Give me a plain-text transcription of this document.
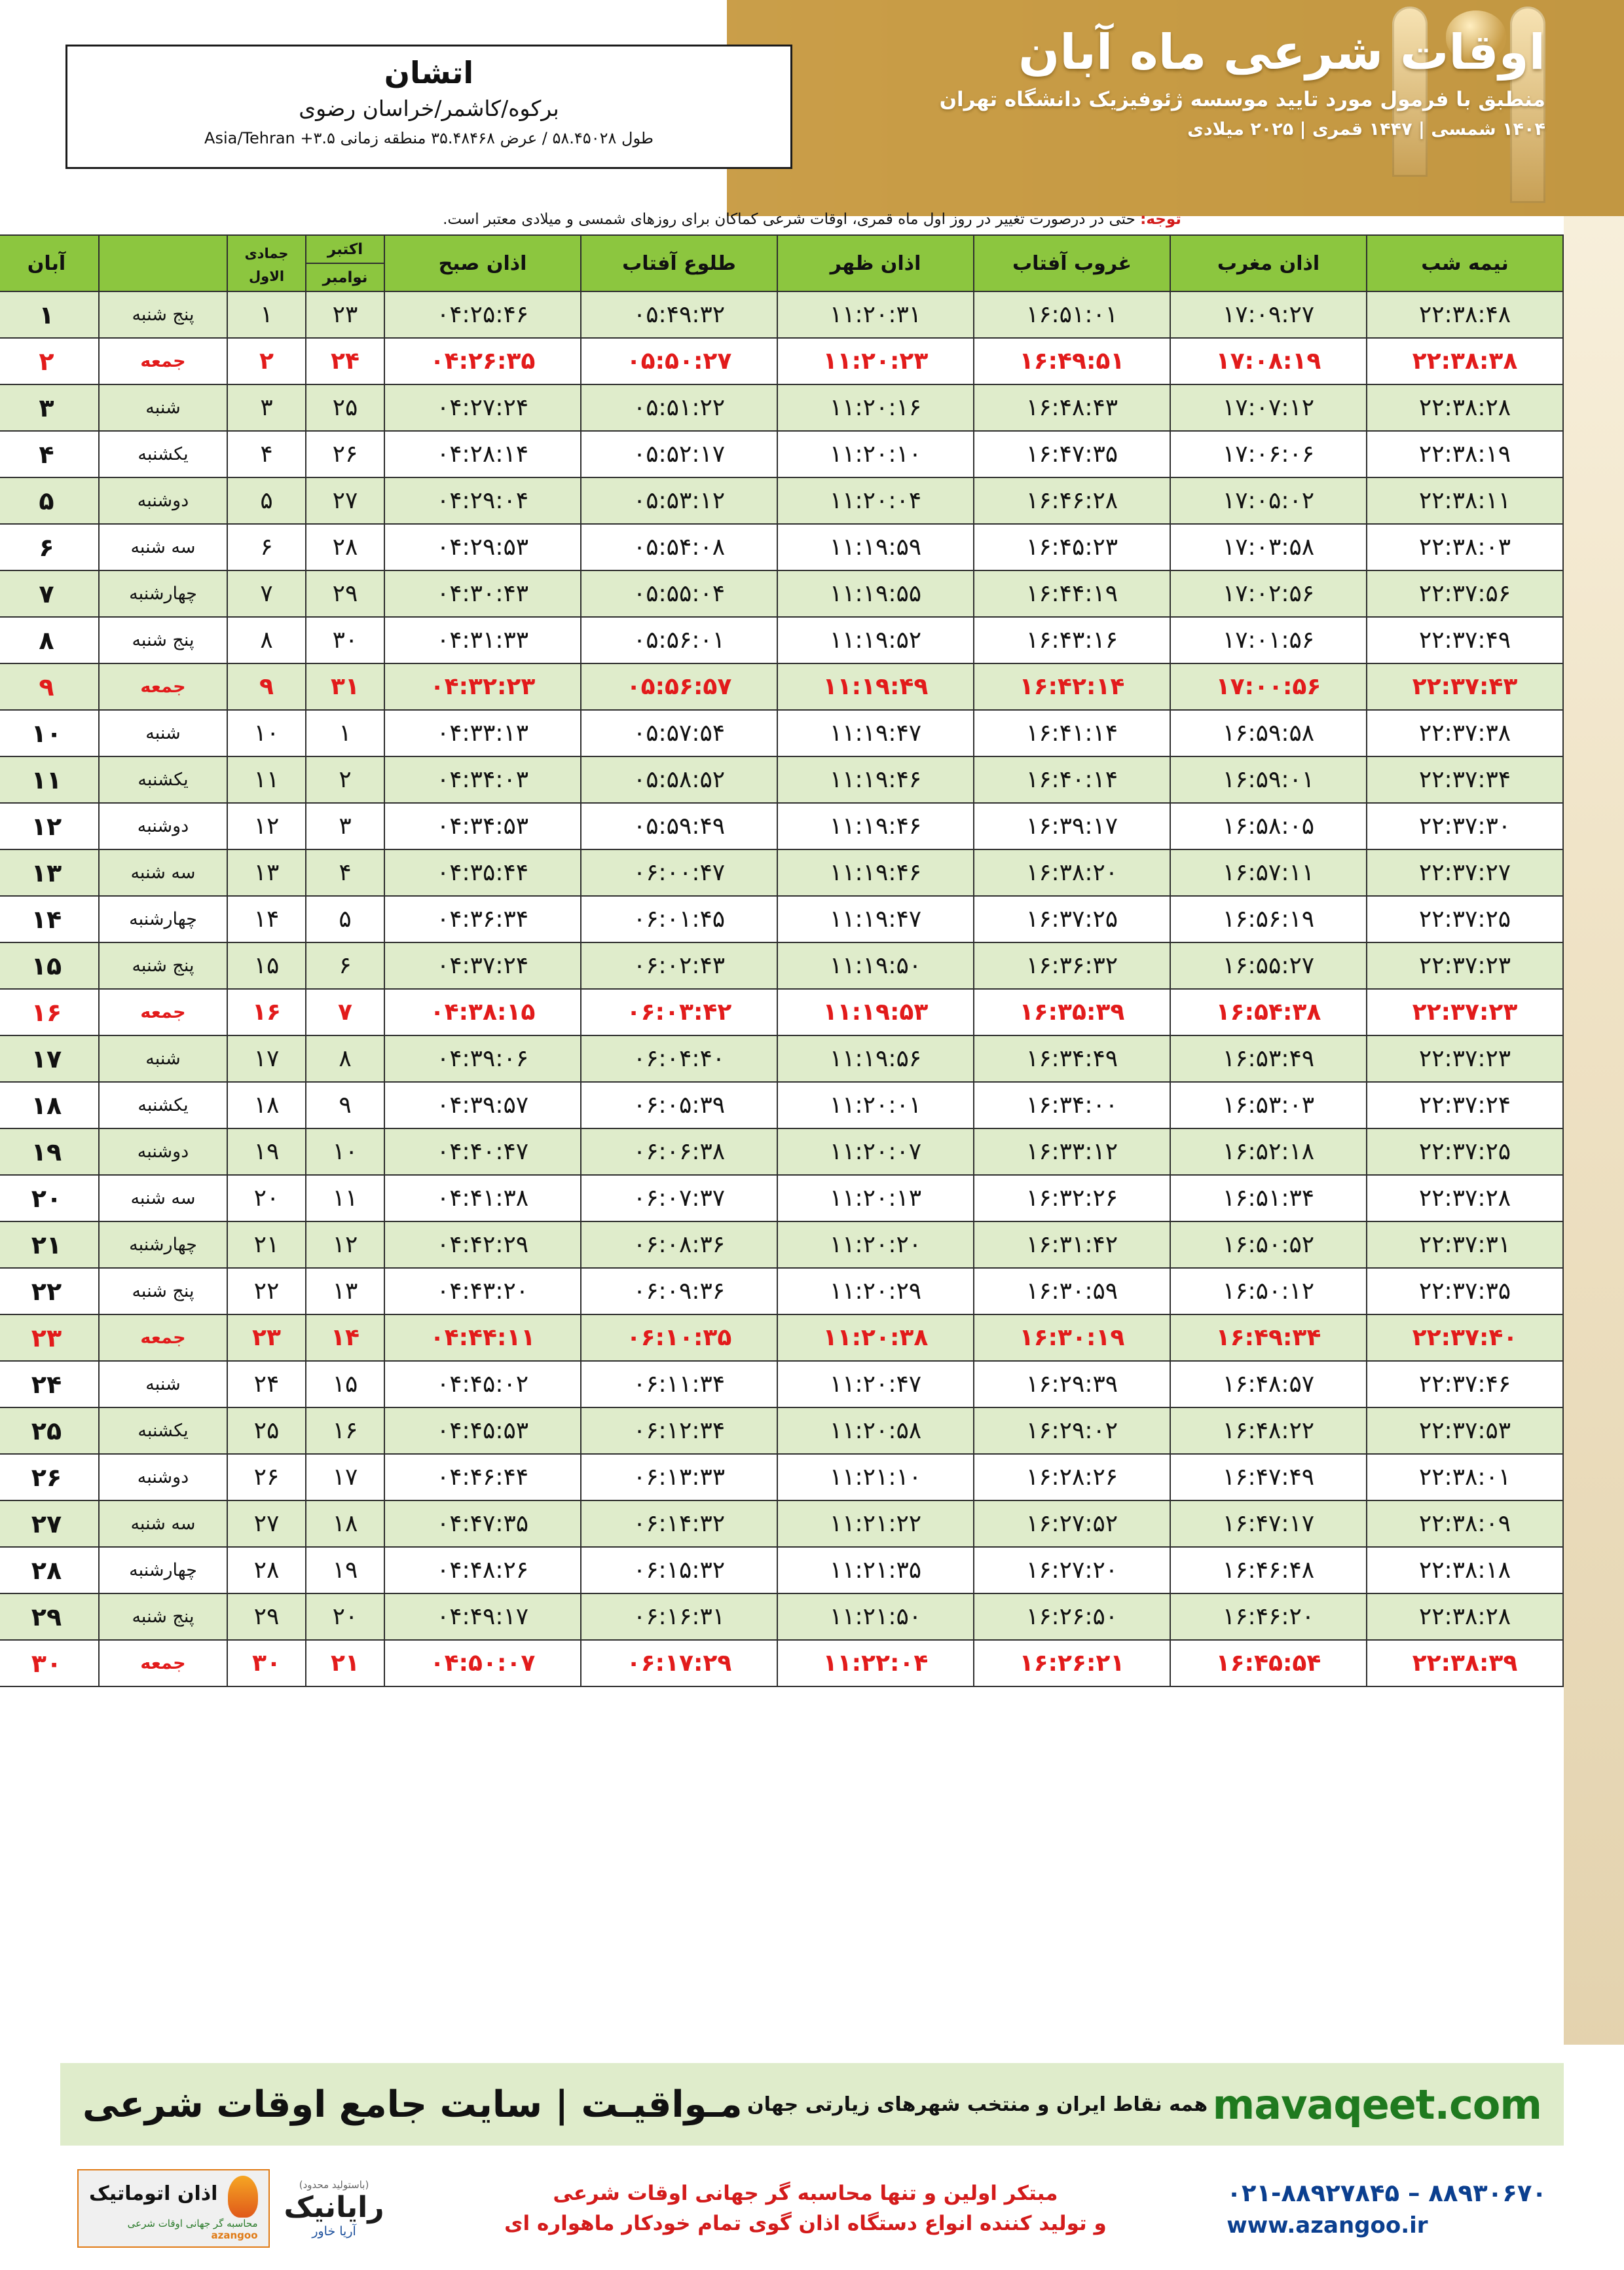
اوقات شرعی ماه آبان
منطبق با فرمول مورد تایید موسسه ژئوفیزیک دانشگاه تهران
۱۴۰۴ شمسی | ۱۴۴۷ قمری | ۲۰۲۵ میلادی
اتشان
برکوه/کاشمر/خراسان رضوی
طول ۵۸.۴۵۰۲۸ / عرض ۳۵.۴۸۴۶۸ منطقه زمانی ۳.۵+ Asia/Tehran
توجه: حتی در درصورت تغییر در روز اول ماه قمری، اوقات شرعی کماکان برای روزهای شمسی و میلادی معتبر است.
نیمه شب	اذان مغرب	غروب آفتاب	اذان ظهر	طلوع آفتاب	اذان صبح	اکتبر
نوامبر	جمادی الاول		آبان
۲۲:۳۸:۴۸	۱۷:۰۹:۲۷	۱۶:۵۱:۰۱	۱۱:۲۰:۳۱	۰۵:۴۹:۳۲	۰۴:۲۵:۴۶	۲۳	۱	پنج شنبه	۱
۲۲:۳۸:۳۸	۱۷:۰۸:۱۹	۱۶:۴۹:۵۱	۱۱:۲۰:۲۳	۰۵:۵۰:۲۷	۰۴:۲۶:۳۵	۲۴	۲	جمعه	۲
۲۲:۳۸:۲۸	۱۷:۰۷:۱۲	۱۶:۴۸:۴۳	۱۱:۲۰:۱۶	۰۵:۵۱:۲۲	۰۴:۲۷:۲۴	۲۵	۳	شنبه	۳
۲۲:۳۸:۱۹	۱۷:۰۶:۰۶	۱۶:۴۷:۳۵	۱۱:۲۰:۱۰	۰۵:۵۲:۱۷	۰۴:۲۸:۱۴	۲۶	۴	یکشنبه	۴
۲۲:۳۸:۱۱	۱۷:۰۵:۰۲	۱۶:۴۶:۲۸	۱۱:۲۰:۰۴	۰۵:۵۳:۱۲	۰۴:۲۹:۰۴	۲۷	۵	دوشنبه	۵
۲۲:۳۸:۰۳	۱۷:۰۳:۵۸	۱۶:۴۵:۲۳	۱۱:۱۹:۵۹	۰۵:۵۴:۰۸	۰۴:۲۹:۵۳	۲۸	۶	سه شنبه	۶
۲۲:۳۷:۵۶	۱۷:۰۲:۵۶	۱۶:۴۴:۱۹	۱۱:۱۹:۵۵	۰۵:۵۵:۰۴	۰۴:۳۰:۴۳	۲۹	۷	چهارشنبه	۷
۲۲:۳۷:۴۹	۱۷:۰۱:۵۶	۱۶:۴۳:۱۶	۱۱:۱۹:۵۲	۰۵:۵۶:۰۱	۰۴:۳۱:۳۳	۳۰	۸	پنج شنبه	۸
۲۲:۳۷:۴۳	۱۷:۰۰:۵۶	۱۶:۴۲:۱۴	۱۱:۱۹:۴۹	۰۵:۵۶:۵۷	۰۴:۳۲:۲۳	۳۱	۹	جمعه	۹
۲۲:۳۷:۳۸	۱۶:۵۹:۵۸	۱۶:۴۱:۱۴	۱۱:۱۹:۴۷	۰۵:۵۷:۵۴	۰۴:۳۳:۱۳	۱	۱۰	شنبه	۱۰
۲۲:۳۷:۳۴	۱۶:۵۹:۰۱	۱۶:۴۰:۱۴	۱۱:۱۹:۴۶	۰۵:۵۸:۵۲	۰۴:۳۴:۰۳	۲	۱۱	یکشنبه	۱۱
۲۲:۳۷:۳۰	۱۶:۵۸:۰۵	۱۶:۳۹:۱۷	۱۱:۱۹:۴۶	۰۵:۵۹:۴۹	۰۴:۳۴:۵۳	۳	۱۲	دوشنبه	۱۲
۲۲:۳۷:۲۷	۱۶:۵۷:۱۱	۱۶:۳۸:۲۰	۱۱:۱۹:۴۶	۰۶:۰۰:۴۷	۰۴:۳۵:۴۴	۴	۱۳	سه شنبه	۱۳
۲۲:۳۷:۲۵	۱۶:۵۶:۱۹	۱۶:۳۷:۲۵	۱۱:۱۹:۴۷	۰۶:۰۱:۴۵	۰۴:۳۶:۳۴	۵	۱۴	چهارشنبه	۱۴
۲۲:۳۷:۲۳	۱۶:۵۵:۲۷	۱۶:۳۶:۳۲	۱۱:۱۹:۵۰	۰۶:۰۲:۴۳	۰۴:۳۷:۲۴	۶	۱۵	پنج شنبه	۱۵
۲۲:۳۷:۲۳	۱۶:۵۴:۳۸	۱۶:۳۵:۳۹	۱۱:۱۹:۵۳	۰۶:۰۳:۴۲	۰۴:۳۸:۱۵	۷	۱۶	جمعه	۱۶
۲۲:۳۷:۲۳	۱۶:۵۳:۴۹	۱۶:۳۴:۴۹	۱۱:۱۹:۵۶	۰۶:۰۴:۴۰	۰۴:۳۹:۰۶	۸	۱۷	شنبه	۱۷
۲۲:۳۷:۲۴	۱۶:۵۳:۰۳	۱۶:۳۴:۰۰	۱۱:۲۰:۰۱	۰۶:۰۵:۳۹	۰۴:۳۹:۵۷	۹	۱۸	یکشنبه	۱۸
۲۲:۳۷:۲۵	۱۶:۵۲:۱۸	۱۶:۳۳:۱۲	۱۱:۲۰:۰۷	۰۶:۰۶:۳۸	۰۴:۴۰:۴۷	۱۰	۱۹	دوشنبه	۱۹
۲۲:۳۷:۲۸	۱۶:۵۱:۳۴	۱۶:۳۲:۲۶	۱۱:۲۰:۱۳	۰۶:۰۷:۳۷	۰۴:۴۱:۳۸	۱۱	۲۰	سه شنبه	۲۰
۲۲:۳۷:۳۱	۱۶:۵۰:۵۲	۱۶:۳۱:۴۲	۱۱:۲۰:۲۰	۰۶:۰۸:۳۶	۰۴:۴۲:۲۹	۱۲	۲۱	چهارشنبه	۲۱
۲۲:۳۷:۳۵	۱۶:۵۰:۱۲	۱۶:۳۰:۵۹	۱۱:۲۰:۲۹	۰۶:۰۹:۳۶	۰۴:۴۳:۲۰	۱۳	۲۲	پنج شنبه	۲۲
۲۲:۳۷:۴۰	۱۶:۴۹:۳۴	۱۶:۳۰:۱۹	۱۱:۲۰:۳۸	۰۶:۱۰:۳۵	۰۴:۴۴:۱۱	۱۴	۲۳	جمعه	۲۳
۲۲:۳۷:۴۶	۱۶:۴۸:۵۷	۱۶:۲۹:۳۹	۱۱:۲۰:۴۷	۰۶:۱۱:۳۴	۰۴:۴۵:۰۲	۱۵	۲۴	شنبه	۲۴
۲۲:۳۷:۵۳	۱۶:۴۸:۲۲	۱۶:۲۹:۰۲	۱۱:۲۰:۵۸	۰۶:۱۲:۳۴	۰۴:۴۵:۵۳	۱۶	۲۵	یکشنبه	۲۵
۲۲:۳۸:۰۱	۱۶:۴۷:۴۹	۱۶:۲۸:۲۶	۱۱:۲۱:۱۰	۰۶:۱۳:۳۳	۰۴:۴۶:۴۴	۱۷	۲۶	دوشنبه	۲۶
۲۲:۳۸:۰۹	۱۶:۴۷:۱۷	۱۶:۲۷:۵۲	۱۱:۲۱:۲۲	۰۶:۱۴:۳۲	۰۴:۴۷:۳۵	۱۸	۲۷	سه شنبه	۲۷
۲۲:۳۸:۱۸	۱۶:۴۶:۴۸	۱۶:۲۷:۲۰	۱۱:۲۱:۳۵	۰۶:۱۵:۳۲	۰۴:۴۸:۲۶	۱۹	۲۸	چهارشنبه	۲۸
۲۲:۳۸:۲۸	۱۶:۴۶:۲۰	۱۶:۲۶:۵۰	۱۱:۲۱:۵۰	۰۶:۱۶:۳۱	۰۴:۴۹:۱۷	۲۰	۲۹	پنج شنبه	۲۹
۲۲:۳۸:۳۹	۱۶:۴۵:۵۴	۱۶:۲۶:۲۱	۱۱:۲۲:۰۴	۰۶:۱۷:۲۹	۰۴:۵۰:۰۷	۲۱	۳۰	جمعه	۳۰
mavaqeet.com
همه نقاط ایران و منتخب شهرهای زیارتی جهان
مـواقیـت | سایت جامع اوقات شرعی
۰۲۱-۸۸۹۲۷۸۴۵ – ۸۸۹۳۰۶۷۰
www.azangoo.ir
مبتکر اولین و تنها محاسبه گر جهانی اوقات شرعی
و تولید کننده انواع دستگاه اذان گوی تمام خودکار ماهواره ای
(باستولید محدود)
رایانیک
آریا خاور
اذان اتوماتیک
محاسبه گر جهانی اوقات شرعی
azangoo
